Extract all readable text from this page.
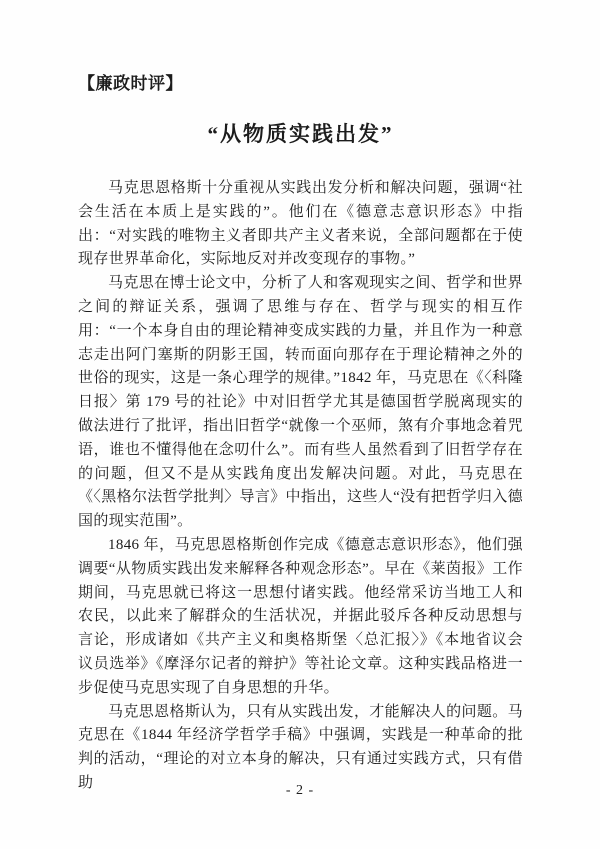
【廉政时评】
“从物质实践出发”

马克思恩格斯十分重视从实践出发分析和解决问题，强调“社会生活在本质上是实践的”。他们在《德意志意识形态》中指出：“对实践的唯物主义者即共产主义者来说，全部问题都在于使现存世界革命化，实际地反对并改变现存的事物。”

马克思在博士论文中，分析了人和客观现实之间、哲学和世界之间的辩证关系，强调了思维与存在、哲学与现实的相互作用：“一个本身自由的理论精神变成实践的力量，并且作为一种意志走出阿门塞斯的阴影王国，转而面向那存在于理论精神之外的世俗的现实，这是一条心理学的规律。”1842 年，马克思在《〈科隆日报〉第 179 号的社论》中对旧哲学尤其是德国哲学脱离现实的做法进行了批评，指出旧哲学“就像一个巫师，煞有介事地念着咒语，谁也不懂得他在念叨什么”。而有些人虽然看到了旧哲学存在的问题，但又不是从实践角度出发解决问题。对此，马克思在《〈黑格尔法哲学批判〉导言》中指出，这些人“没有把哲学归入德国的现实范围”。

1846 年，马克思恩格斯创作完成《德意志意识形态》，他们强调要“从物质实践出发来解释各种观念形态”。早在《莱茵报》工作期间，马克思就已将这一思想付诸实践。他经常采访当地工人和农民，以此来了解群众的生活状况，并据此驳斥各种反动思想与言论，形成诸如《共产主义和奥格斯堡〈总汇报〉》《本地省议会议员选举》《摩泽尔记者的辩护》等社论文章。这种实践品格进一步促使马克思实现了自身思想的升华。

马克思恩格斯认为，只有从实践出发，才能解决人的问题。马克思在《1844 年经济学哲学手稿》中强调，实践是一种革命的批判的活动，“理论的对立本身的解决，只有通过实践方式，只有借助	- 2 -
